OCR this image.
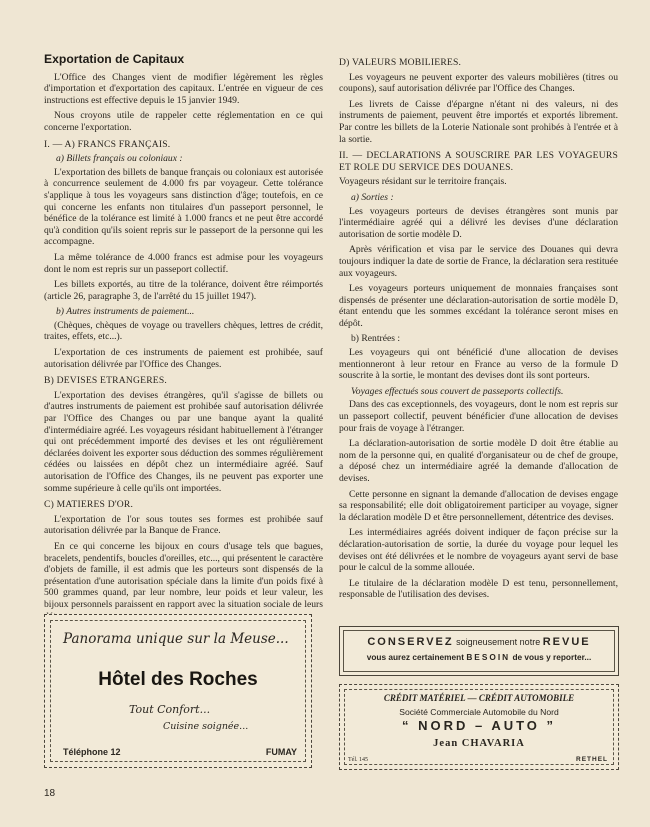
Exportation de Capitaux

L'Office des Changes vient de modifier légèrement les règles d'importation et d'exportation des capitaux. L'entrée en vigueur de ces instructions est effective depuis le 15 janvier 1949.

Nous croyons utile de rappeler cette réglementation en ce qui concerne l'exportation.

I. — A) FRANCS FRANÇAIS.
a) Billets français ou coloniaux :

L'exportation des billets de banque français ou coloniaux est autorisée à concurrence seulement de 4.000 frs par voyageur. Cette tolérance s'applique à tous les voyageurs sans distinction d'âge; toutefois, en ce qui concerne les enfants non titulaires d'un passeport personnel, le bénéfice de la tolérance est limité à 1.000 francs et ne peut être accordé qu'à condition qu'ils soient repris sur le passeport de la personne qui les accompagne.

La même tolérance de 4.000 francs est admise pour les voyageurs dont le nom est repris sur un passeport collectif.

Les billets exportés, au titre de la tolérance, doivent être réimportés (article 26, paragraphe 3, de l'arrêté du 15 juillet 1947).

b) Autres instruments de paiement...

(Chèques, chèques de voyage ou travellers chèques, lettres de crédit, traites, effets, etc...).

L'exportation de ces instruments de paiement est prohibée, sauf autorisation délivrée par l'Office des Changes.

B) DEVISES ETRANGERES.

L'exportation des devises étrangères, qu'il s'agisse de billets ou d'autres instruments de paiement est prohibée sauf autorisation délivrée par l'Office des Changes ou par une banque ayant la qualité d'intermédiaire agréé. Les voyageurs résidant habituellement à l'étranger qui ont précédemment importé des devises et les ont régulièrement déclarées doivent les exporter sous déduction des sommes régulièrement cédées ou laissées en dépôt chez un intermédiaire agréé. Sauf autorisation de l'Office des Changes, ils ne peuvent pas exporter une somme supérieure à celle qu'ils ont importées.

C) MATIERES D'OR.

L'exportation de l'or sous toutes ses formes est prohibée sauf autorisation délivrée par la Banque de France.

En ce qui concerne les bijoux en cours d'usage tels que bagues, bracelets, pendentifs, boucles d'oreilles, etc..., qui présentent le caractère d'objets de famille, il est admis que les porteurs sont dispensés de la présentation d'une autorisation spéciale dans la limite d'un poids fixé à 500 grammes quand, par leur nombre, leur poids et leur valeur, les bijoux personnels paraissent en rapport avec la situation sociale de leurs

D) VALEURS MOBILIERES.

Les voyageurs ne peuvent exporter des valeurs mobilières (titres ou coupons), sauf autorisation délivrée par l'Office des Changes.

Les livrets de Caisse d'épargne n'étant ni des valeurs, ni des instruments de paiement, peuvent être importés et exportés librement. Par contre les billets de la Loterie Nationale sont prohibés à l'entrée et à la sortie.

II. — DECLARATIONS A SOUSCRIRE PAR LES VOYAGEURS ET ROLE DU SERVICE DES DOUANES.

Voyageurs résidant sur le territoire français.

a) Sorties :

Les voyageurs porteurs de devises étrangères sont munis par l'intermédiaire agréé qui a délivré les devises d'une déclaration autorisation de sortie modèle D.

Après vérification et visa par le service des Douanes qui devra toujours indiquer la date de sortie de France, la déclaration sera restituée aux voyageurs.

Les voyageurs porteurs uniquement de monnaies françaises sont dispensés de présenter une déclaration-autorisation de sortie modèle D, étant entendu que les sommes excédant la tolérance seront mises en dépôt.

b) Rentrées :

Les voyageurs qui ont bénéficié d'une allocation de devises mentionneront à leur retour en France au verso de la formule D souscrite à la sortie, le montant des devises dont ils sont porteurs.

Voyages effectués sous couvert de passeports collectifs.

Dans des cas exceptionnels, des voyageurs, dont le nom est repris sur un passeport collectif, peuvent bénéficier d'une allocation de devises pour frais de voyage à l'étranger.

La déclaration-autorisation de sortie modèle D doit être établie au nom de la personne qui, en qualité d'organisateur ou de chef de groupe, a déposé chez un intermédiaire agréé la demande d'allocation de devises.

Cette personne en signant la demande d'allocation de devises engage sa responsabilité; elle doit obligatoirement participer au voyage, signer la déclaration modèle D et être personnellement, détentrice des devises.

Les intermédiaires agréés doivent indiquer de façon précise sur la déclaration-autorisation de sortie, la durée du voyage pour lequel les devises ont été délivrées et le nombre de voyageurs ayant servi de base pour le calcul de la somme allouée.

Le titulaire de la déclaration modèle D est tenu, personnellement, responsable de l'utilisation des devises.

Panorama unique sur la Meuse...
Hôtel des Roches
Tout Confort...
Cuisine soignée...
Téléphone 12	FUMAY
CONSERVEZ soigneusement notre REVUE
vous aurez certainement BESOIN de vous y reporter...
CRÉDIT MATÉRIEL — CRÉDIT AUTOMOBILE
Société Commerciale Automobile du Nord
“ NORD – AUTO ”
Jean CHAVARIA
Tél. 145	RETHEL
18
